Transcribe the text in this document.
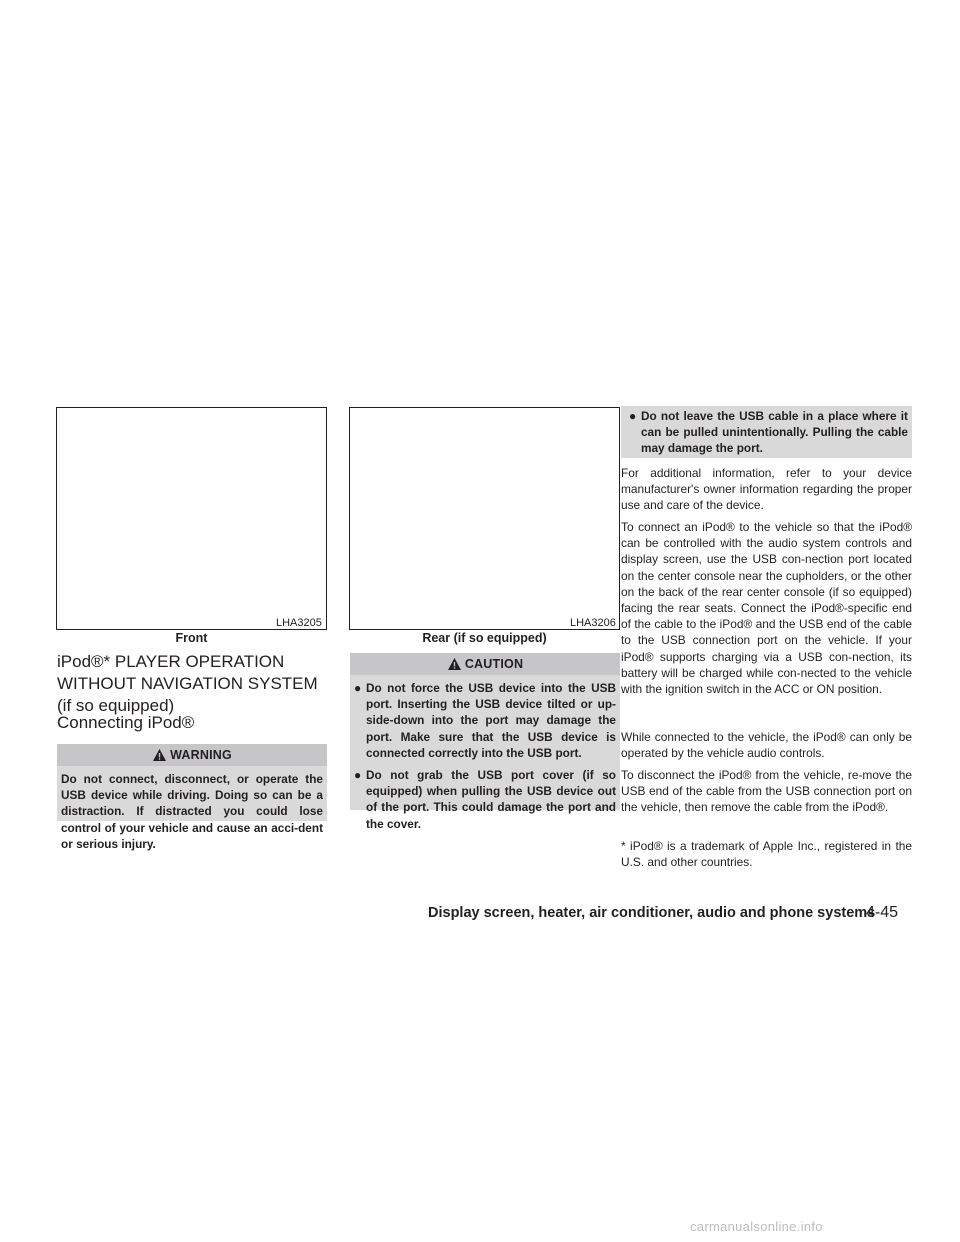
LHA3205
Front
LHA3206
Rear (if so equipped)
iPod®* PLAYER OPERATION WITHOUT NAVIGATION SYSTEM (if so equipped)
Connecting iPod®
WARNING
Do not connect, disconnect, or operate the USB device while driving. Doing so can be a distraction. If distracted you could lose control of your vehicle and cause an acci-dent or serious injury.
CAUTION
● Do not force the USB device into the USB port. Inserting the USB device tilted or up-side-down into the port may damage the port. Make sure that the USB device is connected correctly into the USB port.
● Do not grab the USB port cover (if so equipped) when pulling the USB device out of the port. This could damage the port and the cover.
● Do not leave the USB cable in a place where it can be pulled unintentionally. Pulling the cable may damage the port.

For additional information, refer to your device manufacturer's owner information regarding the proper use and care of the device.

To connect an iPod® to the vehicle so that the iPod® can be controlled with the audio system controls and display screen, use the USB con-nection port located on the center console near the cupholders, or the other on the back of the rear center console (if so equipped) facing the rear seats. Connect the iPod®-specific end of the cable to the iPod® and the USB end of the cable to the USB connection port on the vehicle. If your iPod® supports charging via a USB con-nection, its battery will be charged while con-nected to the vehicle with the ignition switch in the ACC or ON position.

While connected to the vehicle, the iPod® can only be operated by the vehicle audio controls.

To disconnect the iPod® from the vehicle, re-move the USB end of the cable from the USB connection port on the vehicle, then remove the cable from the iPod®.

* iPod® is a trademark of Apple Inc., registered in the U.S. and other countries.

Display screen, heater, air conditioner, audio and phone systems
4-45
carmanualsonline.info
